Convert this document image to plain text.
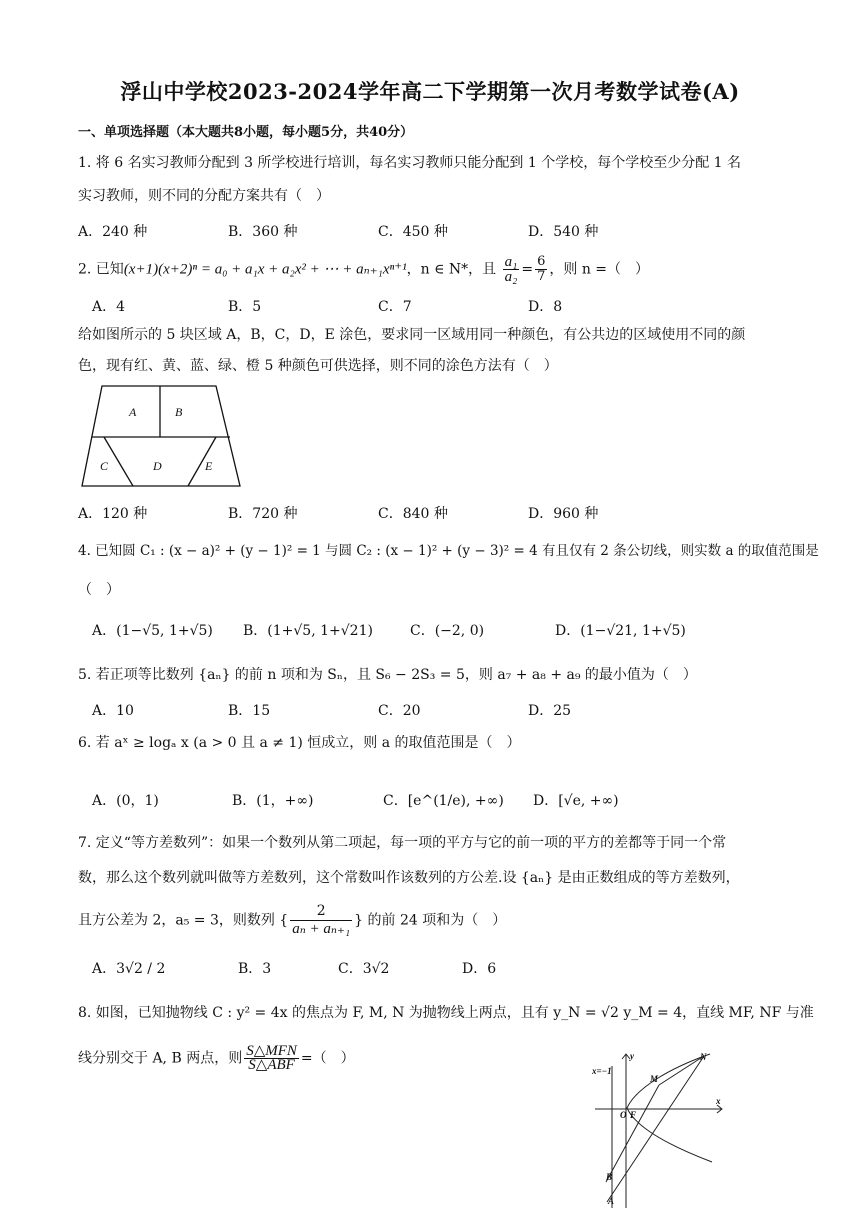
浮山中学校2023-2024学年高二下学期第一次月考数学试卷(A)
一、单项选择题（本大题共8小题，每小题5分，共40分）
1. 将 6 名实习教师分配到 3 所学校进行培训，每名实习教师只能分配到 1 个学校，每个学校至少分配 1 名
实习教师，则不同的分配方案共有（　）
A．240 种	B．360 种	C．450 种	D．540 种
2. 已知(x+1)(x+2)ⁿ = a₀ + a₁x + a₂x² + ⋯ + aₙ₊₁xⁿ⁺¹，n ∈ N*，且 $\frac{\text{a₁}}{\text{a₂}} = \frac{6}{7}$ ，则 n =（　）
A．4	B．5	C．7	D．8
给如图所示的 5 块区域 A，B，C，D，E 涂色，要求同一区域用同一种颜色，有公共边的区域使用不同的颜
色，现有红、黄、蓝、绿、橙 5 种颜色可供选择，则不同的涂色方法有（　）
A	B
C	D	E
A．120 种	B．720 种	C．840 种	D．960 种
4. 已知圆 C₁ : (x − a)² + (y − 1)² = 1 与圆 C₂ : (x − 1)² + (y − 3)² = 4 有且仅有 2 条公切线，则实数 a 的取值范围是
（　）
A．(1−√5, 1+√5) B．(1+√5, 1+√21)	C．(−2, 0)	D．(1−√21, 1+√5)
5. 若正项等比数列 {aₙ} 的前 n 项和为 Sₙ，且 S₆ − 2S₃ = 5，则 a₇ + a₈ + a₉ 的最小值为（　）
A．10	B．15	C．20	D．25
6. 若 aˣ ≥ logₐ x (a > 0 且 a ≠ 1) 恒成立，则 a 的取值范围是（　）
A．(0，1)	B．(1，+∞)	C．[e^(1/e), +∞) D．[√e, +∞)
7. 定义“等方差数列”：如果一个数列从第二项起，每一项的平方与它的前一项的平方的差都等于同一个常
数，那么这个数列就叫做等方差数列，这个常数叫作该数列的方公差.设 {aₙ} 是由正数组成的等方差数列，
且方公差为 2，a₅ = 3，则数列 { $\frac{2}{\text{aₙ + aₙ₊₁}}$ } 的前 24 项和为（　）
A．3√2 / 2	B．3	C．3√2	D．6
8. 如图，已知抛物线 C : y² = 4x 的焦点为 F, M, N 为抛物线上两点，且有 y_N = √2 y_M = 4，直线 MF, NF 与准
线分别交于 A, B 两点，则 $\frac{\text{S△MFN}}{\text{S△ABF}}$ =（　）	y
x
x=−1
N
M
O F
B
A
